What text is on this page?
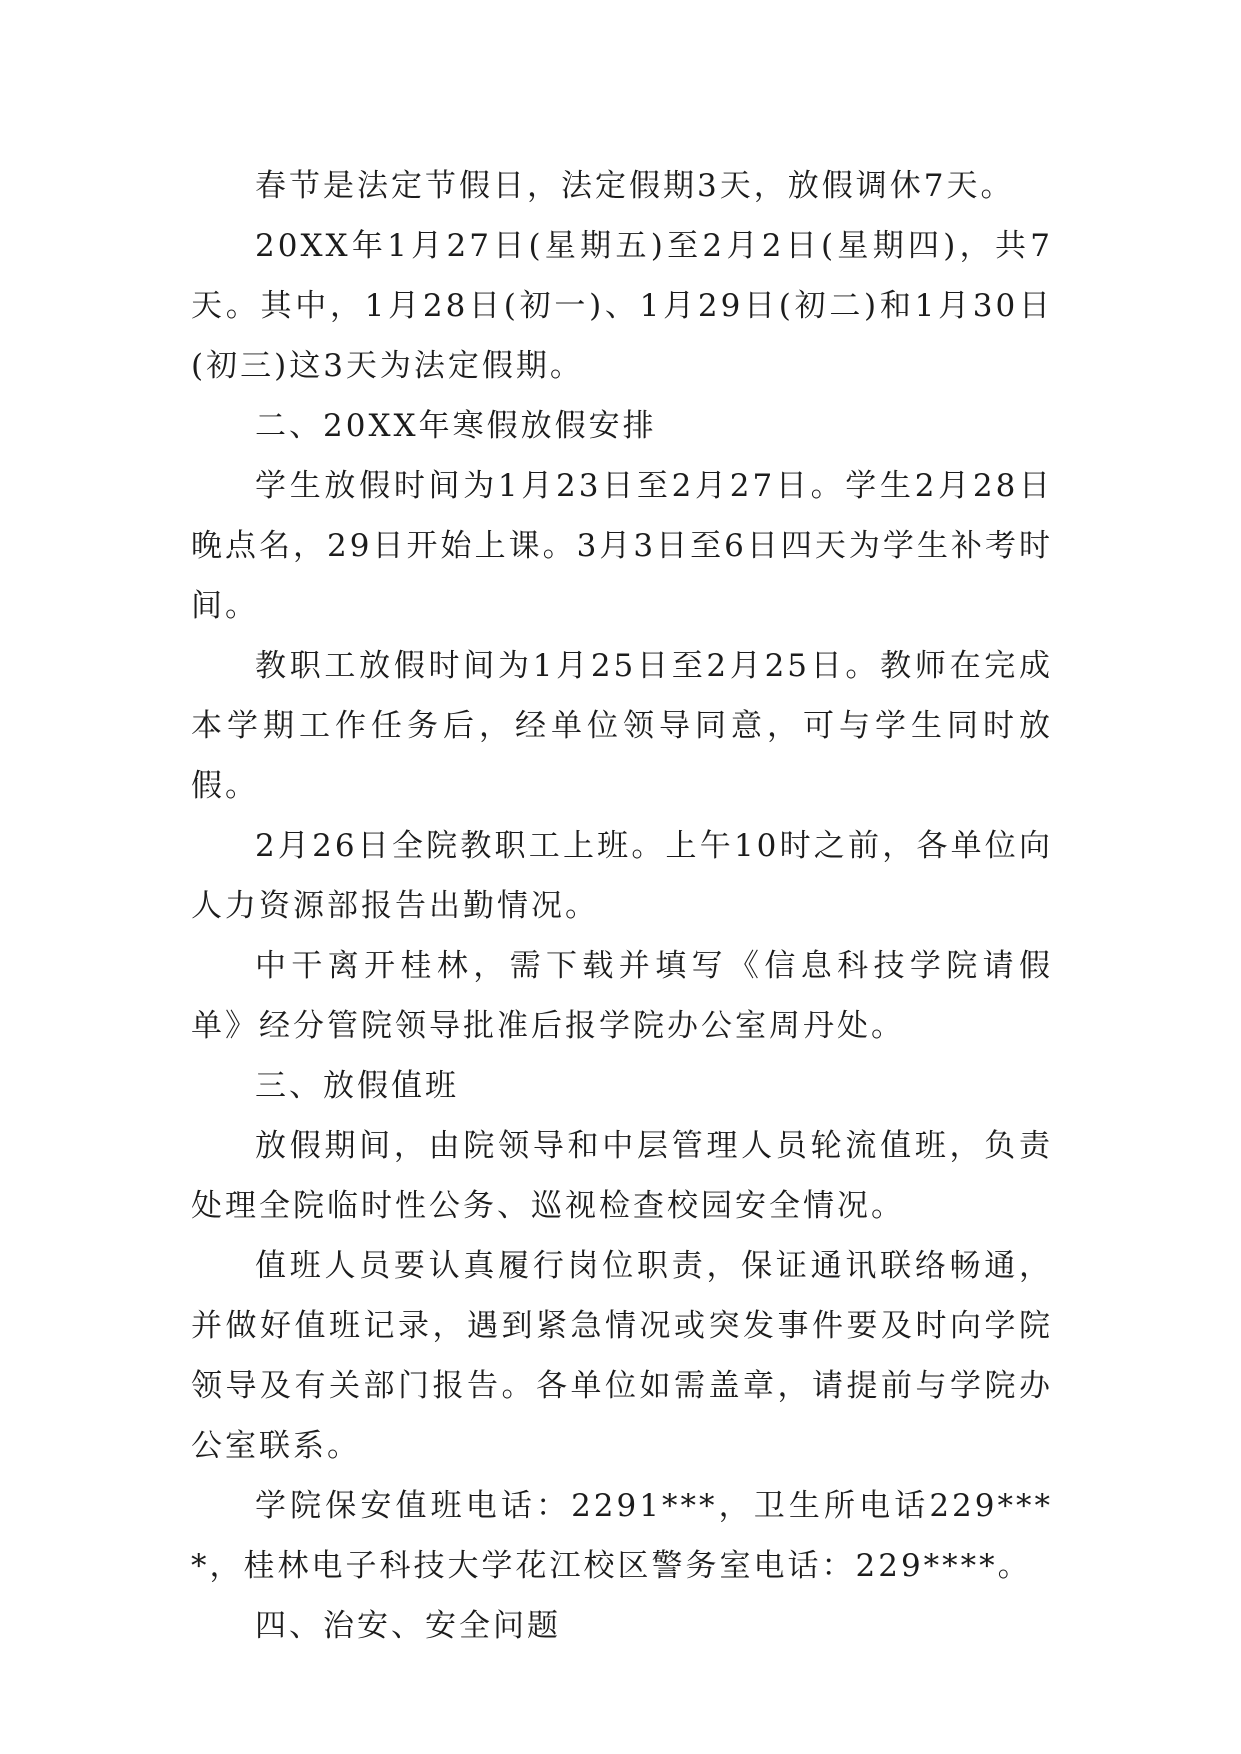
春节是法定节假日，法定假期3天，放假调休7天。

20XX年1月27日(星期五)至2月2日(星期四)，共7天。其中，1月28日(初一)、1月29日(初二)和1月30日(初三)这3天为法定假期。

二、20XX年寒假放假安排

学生放假时间为1月23日至2月27日。学生2月28日晚点名，29日开始上课。3月3日至6日四天为学生补考时间。

教职工放假时间为1月25日至2月25日。教师在完成本学期工作任务后，经单位领导同意，可与学生同时放假。

2月26日全院教职工上班。上午10时之前，各单位向人力资源部报告出勤情况。

中干离开桂林，需下载并填写《信息科技学院请假单》经分管院领导批准后报学院办公室周丹处。

三、放假值班

放假期间，由院领导和中层管理人员轮流值班，负责处理全院临时性公务、巡视检查校园安全情况。

值班人员要认真履行岗位职责，保证通讯联络畅通，并做好值班记录，遇到紧急情况或突发事件要及时向学院领导及有关部门报告。各单位如需盖章，请提前与学院办公室联系。

学院保安值班电话：2291***，卫生所电话229****，桂林电子科技大学花江校区警务室电话：229****。

四、治安、安全问题
